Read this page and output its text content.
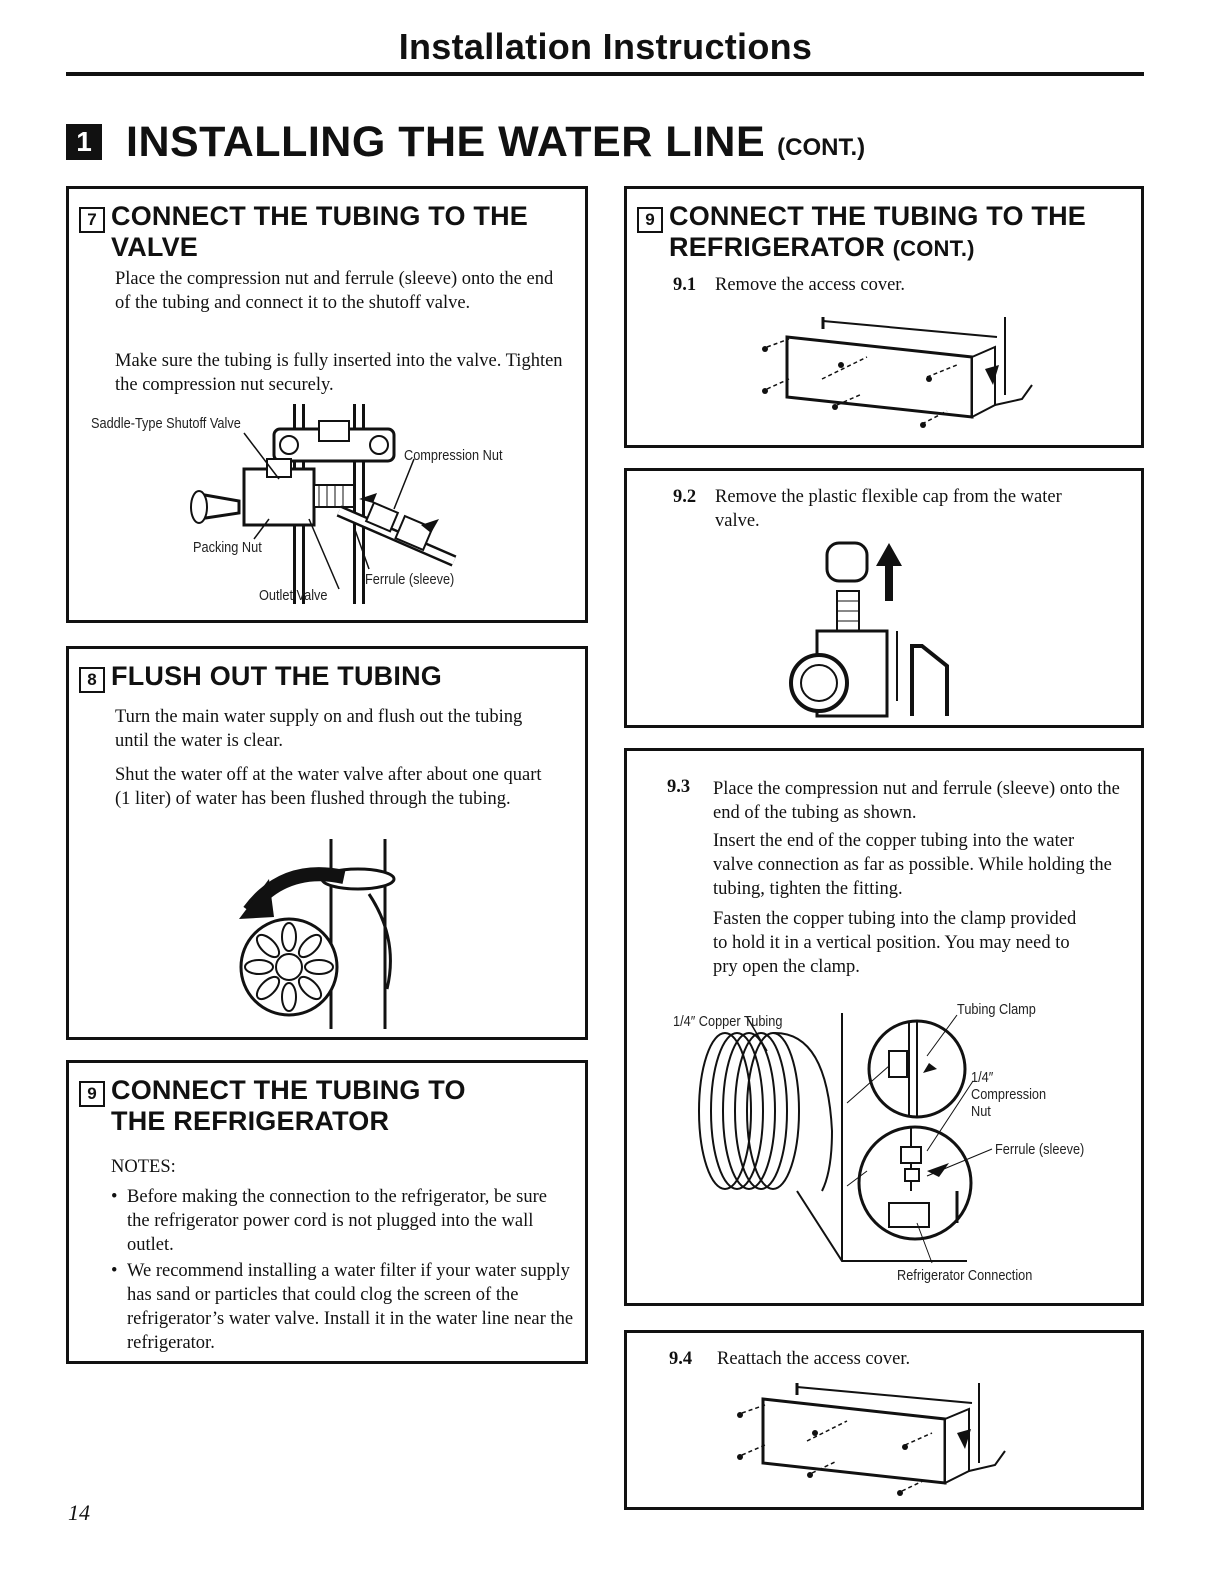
Installation Instructions
1 INSTALLING THE WATER LINE (CONT.)
7 CONNECT THE TUBING TO THE VALVE
Place the compression nut and ferrule (sleeve) onto the end of the tubing and connect it to the shutoff valve.
Make sure the tubing is fully inserted into the valve. Tighten the compression nut securely.
Saddle-Type Shutoff Valve
Compression Nut
Packing Nut
Ferrule (sleeve)
Outlet Valve
8 FLUSH OUT THE TUBING
Turn the main water supply on and flush out the tubing until the water is clear.
Shut the water off at the water valve after about one quart (1 liter) of water has been flushed through the tubing.
9 CONNECT THE TUBING TO THE REFRIGERATOR
NOTES:
• Before making the connection to the refrigerator, be sure the refrigerator power cord is not plugged into the wall outlet.
• We recommend installing a water filter if your water supply has sand or particles that could clog the screen of the refrigerator’s water valve. Install it in the water line near the refrigerator.
9 CONNECT THE TUBING TO THE REFRIGERATOR (CONT.)
9.1 Remove the access cover.
9.2 Remove the plastic flexible cap from the water valve.
9.3 Place the compression nut and ferrule (sleeve) onto the end of the tubing as shown.
Insert the end of the copper tubing into the water valve connection as far as possible. While holding the tubing, tighten the fitting.
Fasten the copper tubing into the clamp provided to hold it in a vertical position. You may need to pry open the clamp.
1/4″ Copper Tubing
Tubing Clamp
1/4″ Compression Nut
Ferrule (sleeve)
Refrigerator Connection
9.4 Reattach the access cover.
14
